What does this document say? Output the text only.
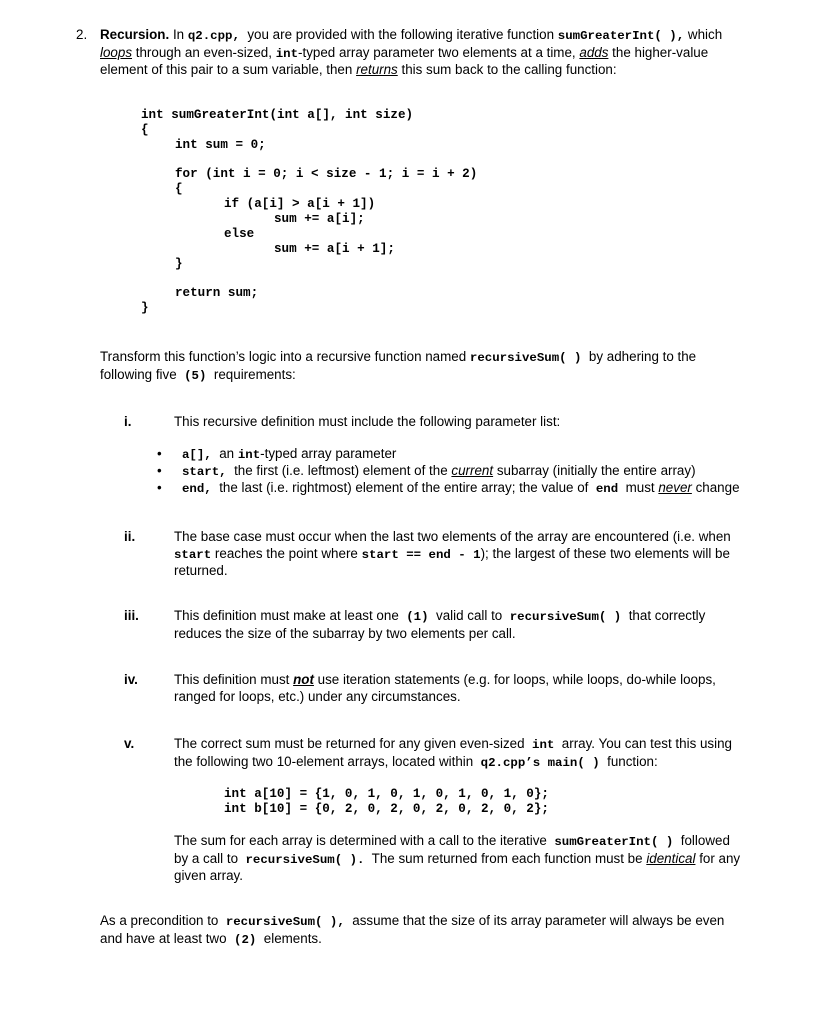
2. Recursion. In q2.cpp, you are provided with the following iterative function sumGreaterInt( ), which
loops through an even-sized, int-typed array parameter two elements at a time, adds the higher-value
element of this pair to a sum variable, then returns this sum back to the calling function:
int sumGreaterInt(int a[], int size)
{
int sum = 0;
for (int i = 0; i < size - 1; i = i + 2)
{
if (a[i] > a[i + 1])
sum += a[i];
else
sum += a[i + 1];
}
return sum;
}
Transform this function’s logic into a recursive function named recursiveSum( ) by adhering to the
following five (5) requirements:
i.	This recursive definition must include the following parameter list:
• a[], an int-typed array parameter
• start, the first (i.e. leftmost) element of the current subarray (initially the entire array)
• end, the last (i.e. rightmost) element of the entire array; the value of end must never change
ii.	The base case must occur when the last two elements of the array are encountered (i.e. when
start reaches the point where start == end - 1); the largest of these two elements will be
returned.
iii.	This definition must make at least one (1) valid call to recursiveSum( ) that correctly
reduces the size of the subarray by two elements per call.
iv.	This definition must not use iteration statements (e.g. for loops, while loops, do-while loops,
ranged for loops, etc.) under any circumstances.
v.	The correct sum must be returned for any given even-sized int array. You can test this using
the following two 10-element arrays, located within q2.cpp’s main( ) function:
int a[10] = {1, 0, 1, 0, 1, 0, 1, 0, 1, 0};
int b[10] = {0, 2, 0, 2, 0, 2, 0, 2, 0, 2};
The sum for each array is determined with a call to the iterative sumGreaterInt( ) followed
by a call to recursiveSum( ). The sum returned from each function must be identical for any
given array.
As a precondition to recursiveSum( ), assume that the size of its array parameter will always be even
and have at least two (2) elements.
